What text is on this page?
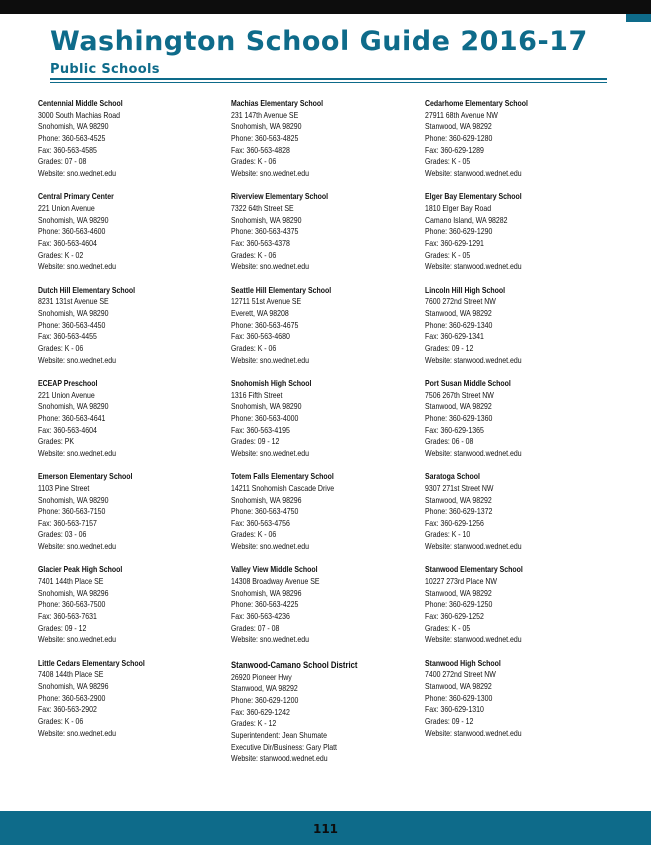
Washington School Guide 2016-17
Public Schools
Centennial Middle School
3000 South Machias Road
Snohomish, WA 98290
Phone: 360-563-4525
Fax: 360-563-4585
Grades: 07 - 08
Website: sno.wednet.edu
Central Primary Center
221 Union Avenue
Snohomish, WA 98290
Phone: 360-563-4600
Fax: 360-563-4604
Grades: K - 02
Website: sno.wednet.edu
Dutch Hill Elementary School
8231 131st Avenue SE
Snohomish, WA 98290
Phone: 360-563-4450
Fax: 360-563-4455
Grades: K - 06
Website: sno.wednet.edu
ECEAP Preschool
221 Union Avenue
Snohomish, WA 98290
Phone: 360-563-4641
Fax: 360-563-4604
Grades: PK
Website: sno.wednet.edu
Emerson Elementary School
1103 Pine Street
Snohomish, WA 98290
Phone: 360-563-7150
Fax: 360-563-7157
Grades: 03 - 06
Website: sno.wednet.edu
Glacier Peak High School
7401 144th Place SE
Snohomish, WA 98296
Phone: 360-563-7500
Fax: 360-563-7631
Grades: 09 - 12
Website: sno.wednet.edu
Little Cedars Elementary School
7408 144th Place SE
Snohomish, WA 98296
Phone: 360-563-2900
Fax: 360-563-2902
Grades: K - 06
Website: sno.wednet.edu
Machias Elementary School
231 147th Avenue SE
Snohomish, WA 98290
Phone: 360-563-4825
Fax: 360-563-4828
Grades: K - 06
Website: sno.wednet.edu
Riverview Elementary School
7322 64th Street SE
Snohomish, WA 98290
Phone: 360-563-4375
Fax: 360-563-4378
Grades: K - 06
Website: sno.wednet.edu
Seattle Hill Elementary School
12711 51st Avenue SE
Everett, WA 98208
Phone: 360-563-4675
Fax: 360-563-4680
Grades: K - 06
Website: sno.wednet.edu
Snohomish High School
1316 Fifth Street
Snohomish, WA 98290
Phone: 360-563-4000
Fax: 360-563-4195
Grades: 09 - 12
Website: sno.wednet.edu
Totem Falls Elementary School
14211 Snohomish Cascade Drive
Snohomish, WA 98296
Phone: 360-563-4750
Fax: 360-563-4756
Grades: K - 06
Website: sno.wednet.edu
Valley View Middle School
14308 Broadway Avenue SE
Snohomish, WA 98296
Phone: 360-563-4225
Fax: 360-563-4236
Grades: 07 - 08
Website: sno.wednet.edu
Stanwood-Camano School District
26920 Pioneer Hwy
Stanwood, WA 98292
Phone: 360-629-1200
Fax: 360-629-1242
Grades: K - 12
Superintendent: Jean Shumate
Executive Dir/Business: Gary Platt
Website: stanwood.wednet.edu
Cedarhome Elementary School
27911 68th Avenue NW
Stanwood, WA 98292
Phone: 360-629-1280
Fax: 360-629-1289
Grades: K - 05
Website: stanwood.wednet.edu
Elger Bay Elementary School
1810 Elger Bay Road
Camano Island, WA 98282
Phone: 360-629-1290
Fax: 360-629-1291
Grades: K - 05
Website: stanwood.wednet.edu
Lincoln Hill High School
7600 272nd Street NW
Stanwood, WA 98292
Phone: 360-629-1340
Fax: 360-629-1341
Grades: 09 - 12
Website: stanwood.wednet.edu
Port Susan Middle School
7506 267th Street NW
Stanwood, WA 98292
Phone: 360-629-1360
Fax: 360-629-1365
Grades: 06 - 08
Website: stanwood.wednet.edu
Saratoga School
9307 271st Street NW
Stanwood, WA 98292
Phone: 360-629-1372
Fax: 360-629-1256
Grades: K - 10
Website: stanwood.wednet.edu
Stanwood Elementary School
10227 273rd Place NW
Stanwood, WA 98292
Phone: 360-629-1250
Fax: 360-629-1252
Grades: K - 05
Website: stanwood.wednet.edu
Stanwood High School
7400 272nd Street NW
Stanwood, WA 98292
Phone: 360-629-1300
Fax: 360-629-1310
Grades: 09 - 12
Website: stanwood.wednet.edu
111
